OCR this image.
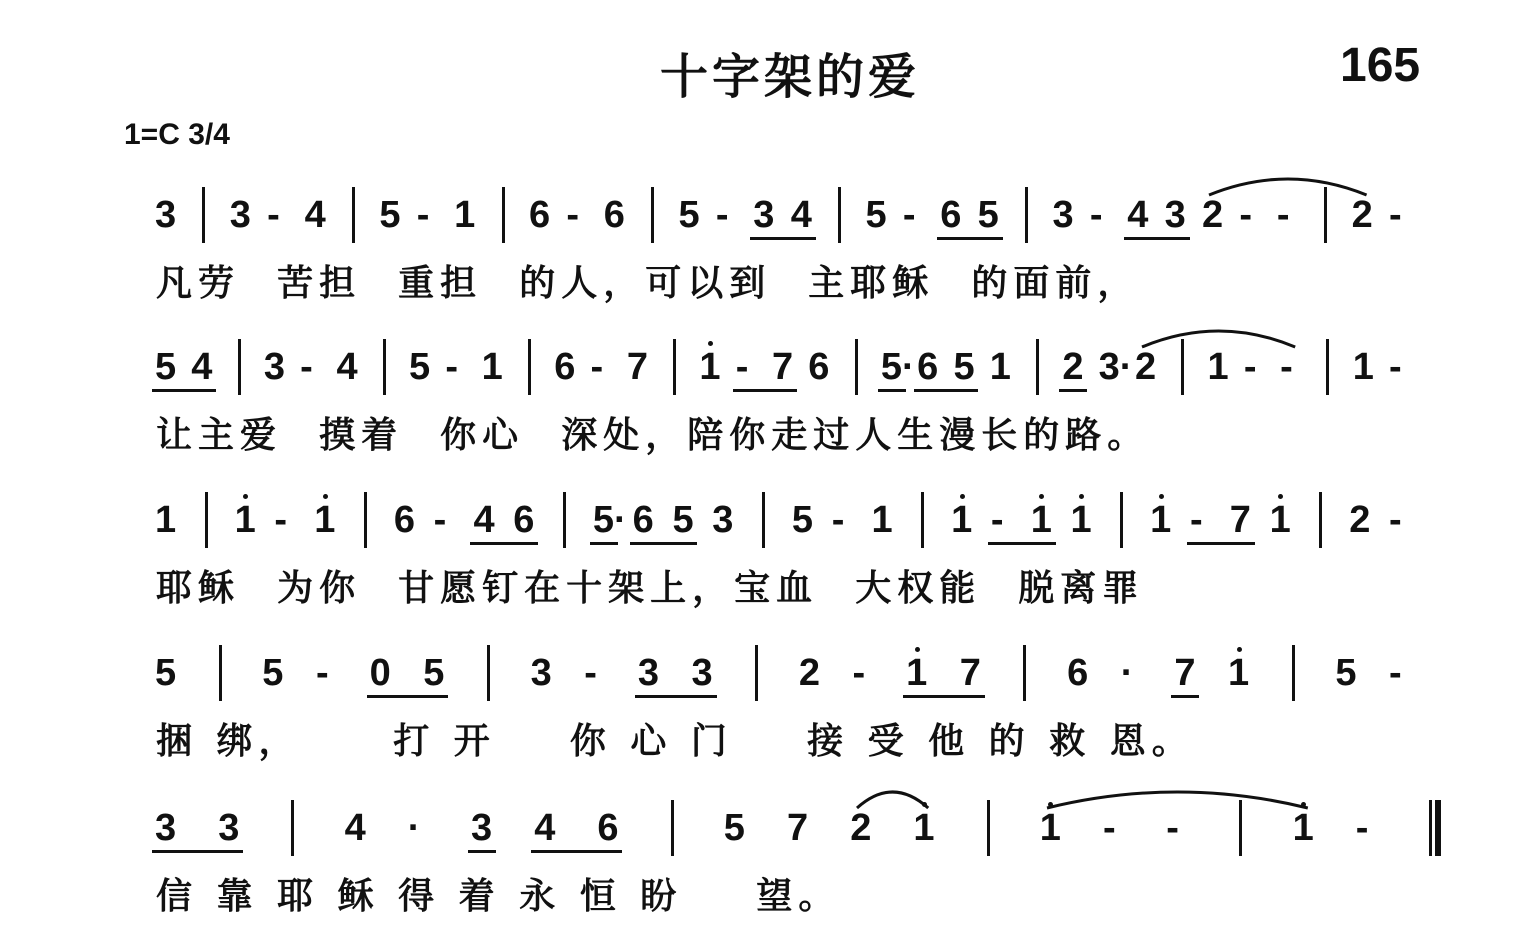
十字架的爱	165
1=C 3/4
3 3 - 4 5 - 1 6 - 6 5 - 3 4 5 - 6 5 3 - 4 3 2 - - 2 -
凡劳  苦担  重担  的人，可以到  主耶稣  的面前，
5 4 3 - 4 5 - 1 6 - 7 1 - 7 6 5· 6 5 1 2 3· 2 1 - - 1 -
让主爱  摸着  你心  深处，陪你走过人生漫长的路。
1 1 - 1 6 - 4 6 5· 6 5 3 5 - 1 1 - 1 1 1 - 7 1 2 -
耶稣  为你  甘愿钉在十架上，宝血  大权能  脱离罪
5 5 - 0 5 3 - 3 3 2 - 1 7 6 · 7 1 5 -
捆 绑，     打 开    你 心 门    接 受 他 的 救 恩。
3 3	4 · 3 4 6	5 7 2 1	1 - -	1 -
信 靠 耶 稣 得 着 永 恒 盼    望。
